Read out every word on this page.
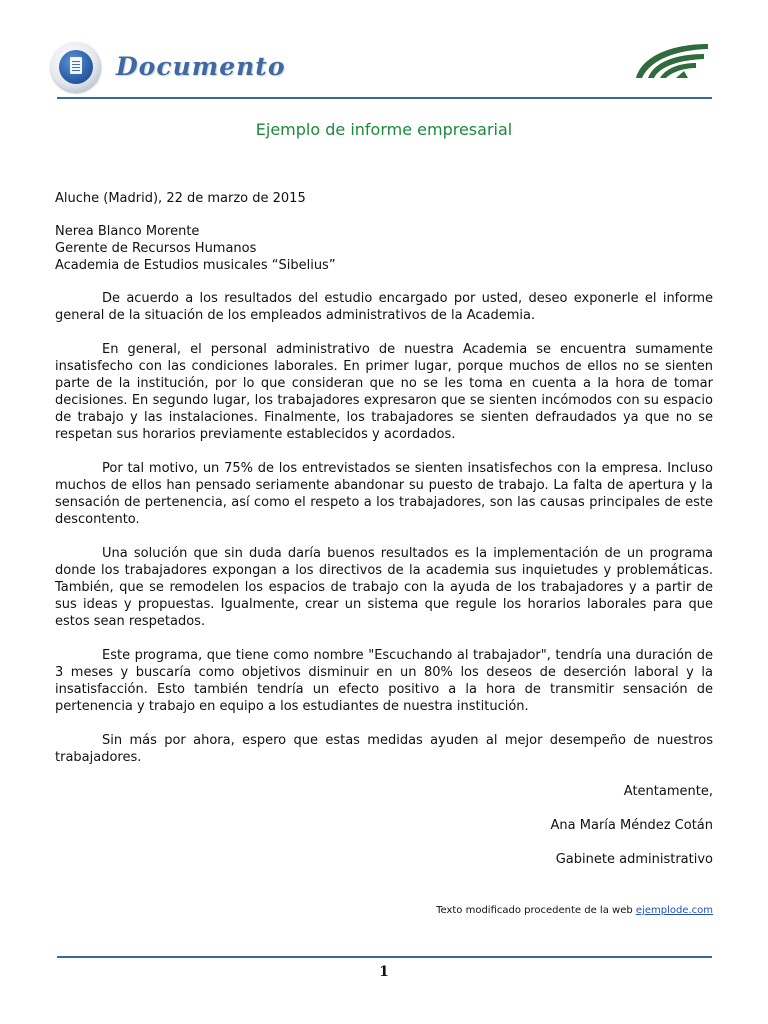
Documento
Ejemplo de informe empresarial

Aluche (Madrid), 22 de marzo de 2015

Nerea Blanco Morente

Gerente de Recursos Humanos

Academia de Estudios musicales “Sibelius”

De acuerdo a los resultados del estudio encargado por usted, deseo exponerle el informe general de la situación de los empleados administrativos de la Academia.

En general, el personal administrativo de nuestra Academia se encuentra sumamente insatisfecho con las condiciones laborales. En primer lugar, porque muchos de ellos no se sienten parte de la institución, por lo que consideran que no se les toma en cuenta a la hora de tomar decisiones. En segundo lugar, los trabajadores expresaron que se sienten incómodos con su espacio de trabajo y las instalaciones. Finalmente, los trabajadores se sienten defraudados ya que no se respetan sus horarios previamente establecidos y acordados.

Por tal motivo, un 75% de los entrevistados se sienten insatisfechos con la empresa. Incluso muchos de ellos han pensado seriamente abandonar su puesto de trabajo. La falta de apertura y la sensación de pertenencia, así como el respeto a los trabajadores, son las causas principales de este descontento.

Una solución que sin duda daría buenos resultados es la implementación de un programa donde los trabajadores expongan a los directivos de la academia sus inquietudes y problemáticas. También, que se remodelen los espacios de trabajo con la ayuda de los trabajadores y a partir de sus ideas y propuestas. Igualmente, crear un sistema que regule los horarios laborales para que estos sean respetados.

Este programa, que tiene como nombre "Escuchando al trabajador", tendría una duración de 3 meses y buscaría como objetivos disminuir en un 80% los deseos de deserción laboral y la insatisfacción. Esto también tendría un efecto positivo a la hora de transmitir sensación de pertenencia y trabajo en equipo a los estudiantes de nuestra institución.

Sin más por ahora, espero que estas medidas ayuden al mejor desempeño de nuestros trabajadores.

Atentamente,

Ana María Méndez Cotán

Gabinete administrativo

Texto modificado procedente de la web ejemplode.com
1
